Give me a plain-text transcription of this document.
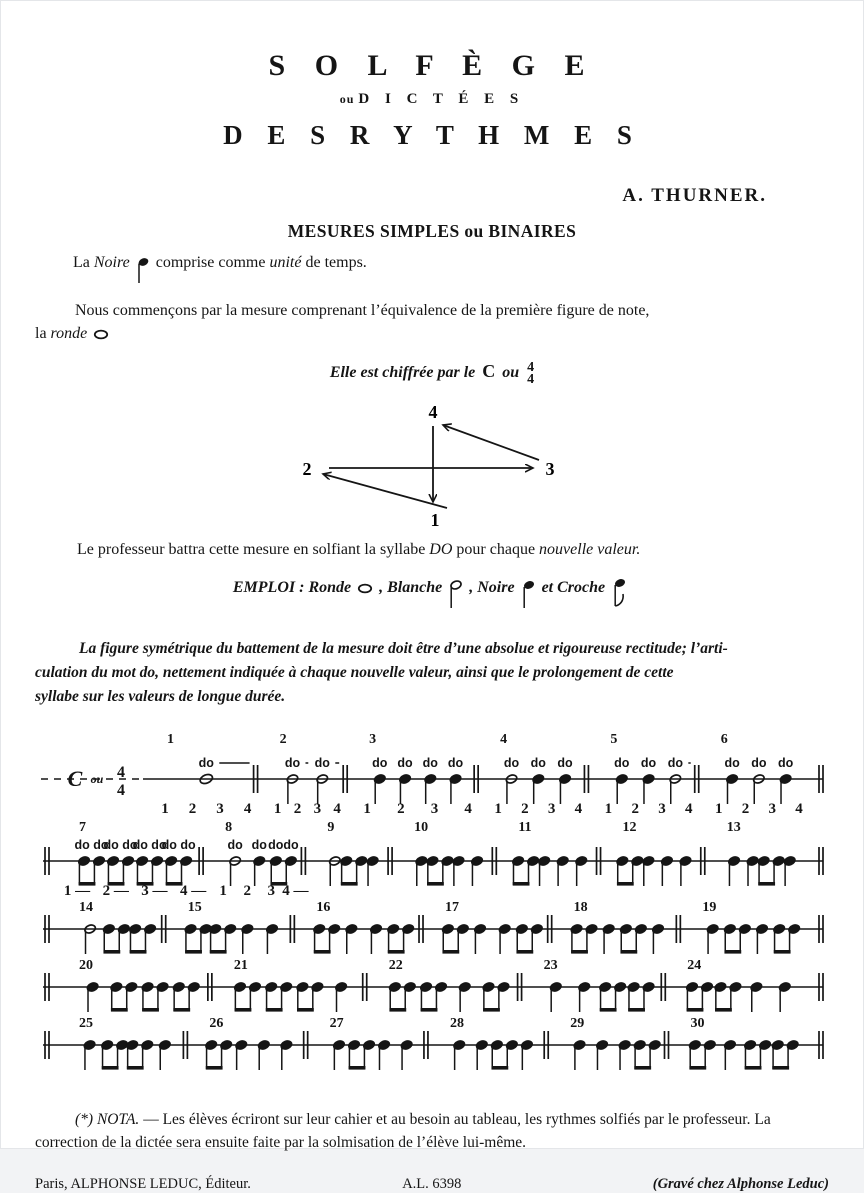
S O L F È G E
ou D I C T É E S
D E S R Y T H M E S
A. THURNER.
MESURES SIMPLES ou BINAIRES

La Noire comprise comme unité de temps.

Nous commençons par la mesure comprenant l’équivalence de la première figure de note,
la ronde

Elle est chiffrée par le C ou 4
4

4
2	3
1

Le professeur battra cette mesure en solfiant la syllabe DO pour chaque nouvelle valeur.

EMPLOI : Ronde , Blanche , Noire et Croche

La figure symétrique du battement de la mesure doit être d’une absolue et rigoureuse rectitude; l’arti-
culation du mot do, nettement indiquée à chaque nouvelle valeur, ainsi que le prolongement de cette
syllabe sur les valeurs de longue durée.

C ou 4
4
1
do
1 2 3 4
2
do do
1 2 3 4
3
do do do do
1 2 3 4
4
do do do
1 2 3 4
5
do do do
1 2 3 4
6
do do do
1 2 3 4
7
do do
do do
do do
do do
1 — 2 — 3 — 4 —
8
do do dodo
1 2 3 4 —
9	10	11	12	13
14	15	16	17	18	19
20	21	22	23	24
25	26	27	28	29	30

(*) NOTA. — Les élèves écriront sur leur cahier et au besoin au tableau, les rythmes solfiés par le professeur. La correction de la dictée sera ensuite faite par la solmisation de l’élève lui-même.

Paris, ALPHONSE LEDUC, Éditeur.	A.L. 6398	(Gravé chez Alphonse Leduc)
